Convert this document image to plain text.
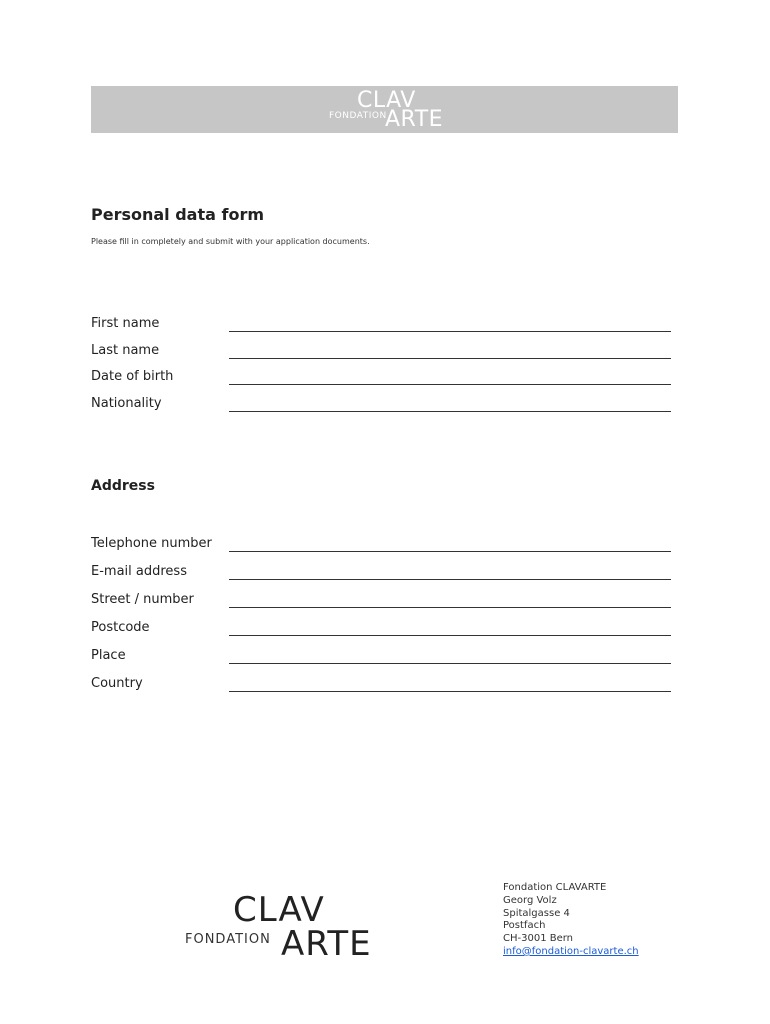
CLAV
FONDATION
ARTE
Personal data form
Please fill in completely and submit with your application documents.
First name
Last name
Date of birth
Nationality
Address
Telephone number
E-mail address
Street / number
Postcode
Place
Country
CLAV
FONDATION ARTE
Fondation CLAVARTE
Georg Volz
Spitalgasse 4
Postfach
CH-3001 Bern
info@fondation-clavarte.ch
